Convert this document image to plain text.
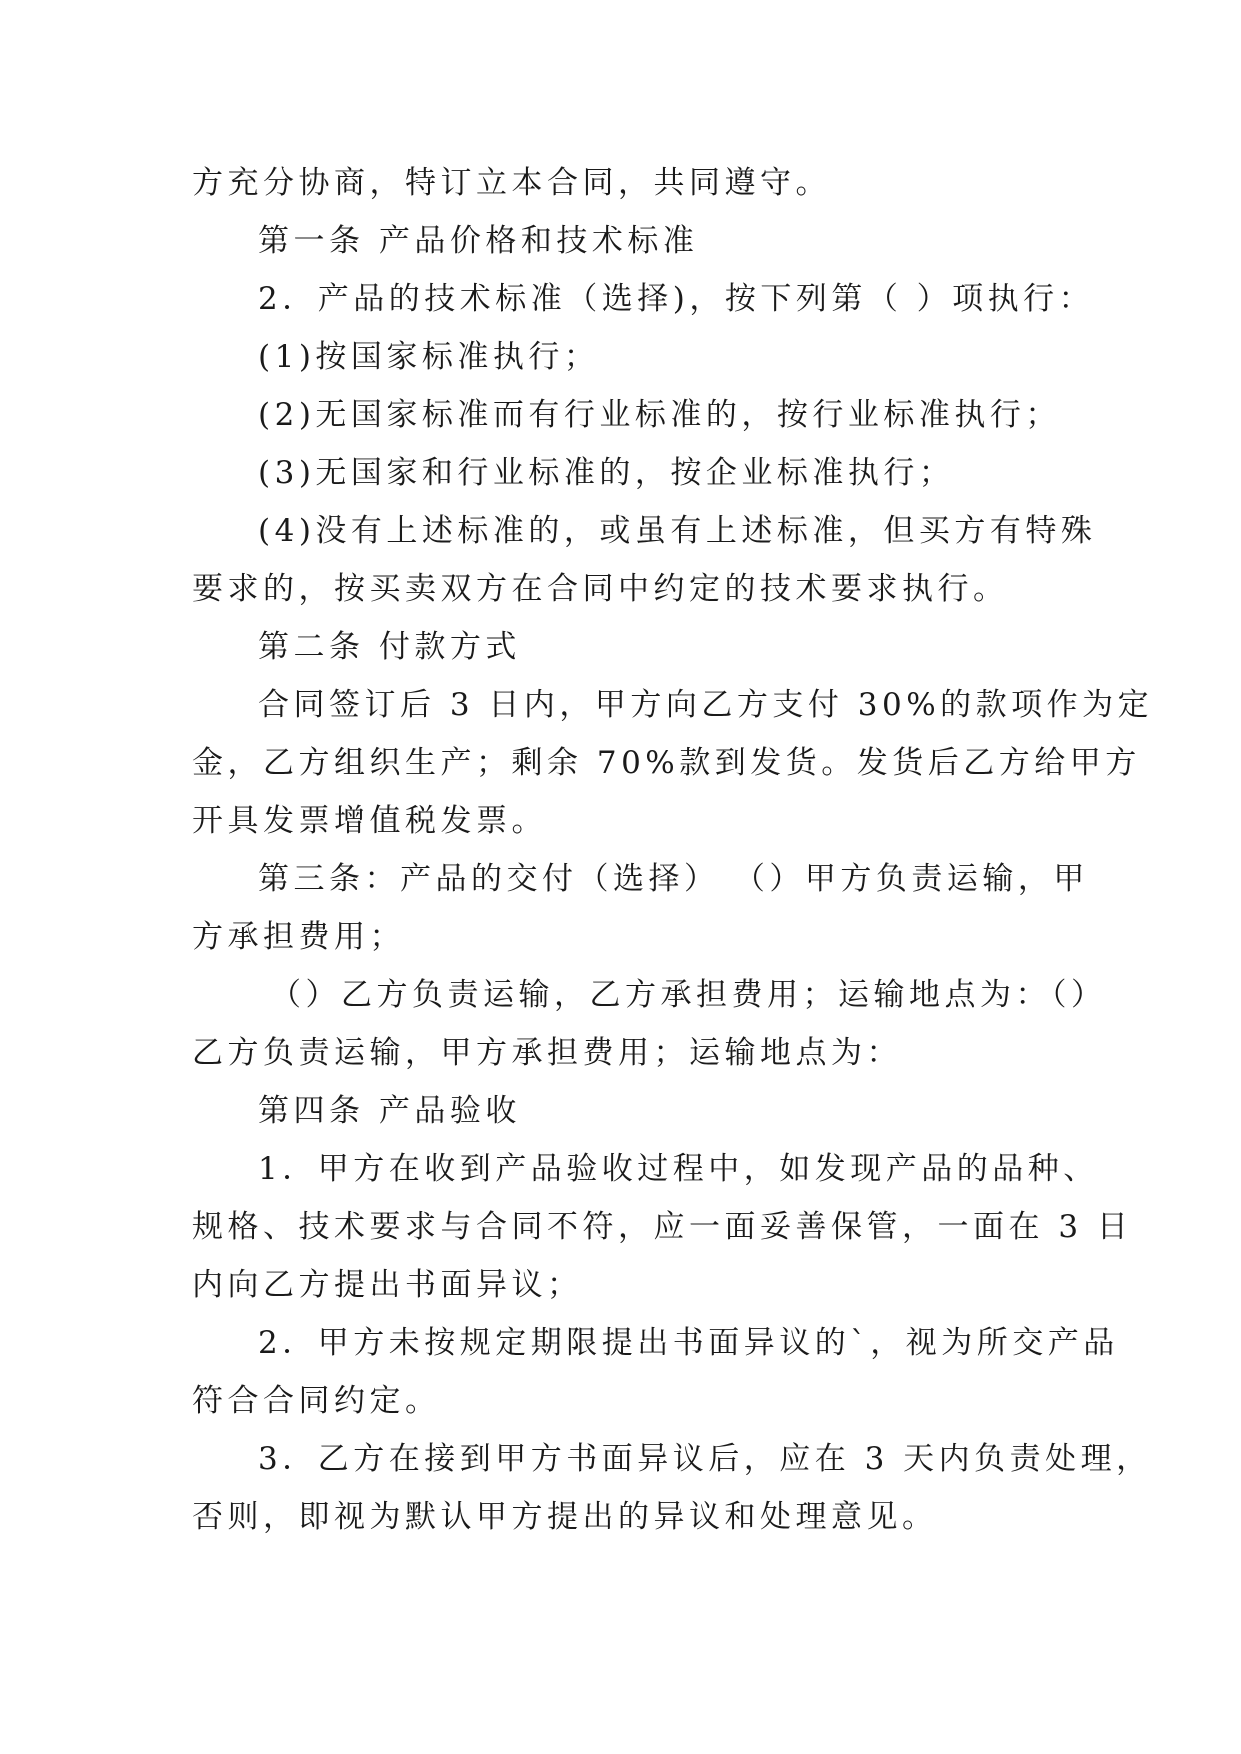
方充分协商，特订立本合同，共同遵守。
第一条 产品价格和技术标准
2．产品的技术标准（选择)，按下列第（ ）项执行：
(1)按国家标准执行；
(2)无国家标准而有行业标准的，按行业标准执行；
(3)无国家和行业标准的，按企业标准执行；
(4)没有上述标准的，或虽有上述标准，但买方有特殊
要求的，按买卖双方在合同中约定的技术要求执行。
第二条 付款方式
合同签订后 3 日内，甲方向乙方支付 30%的款项作为定
金，乙方组织生产；剩余 70%款到发货。发货后乙方给甲方
开具发票增值税发票。
第三条：产品的交付（选择） （）甲方负责运输，甲
方承担费用；
（）乙方负责运输，乙方承担费用；运输地点为：（）
乙方负责运输，甲方承担费用；运输地点为：
第四条 产品验收
1．甲方在收到产品验收过程中，如发现产品的品种、
规格、技术要求与合同不符，应一面妥善保管，一面在 3 日
内向乙方提出书面异议；
2．甲方未按规定期限提出书面异议的`，视为所交产品
符合合同约定。
3．乙方在接到甲方书面异议后，应在 3 天内负责处理，
否则，即视为默认甲方提出的异议和处理意见。
